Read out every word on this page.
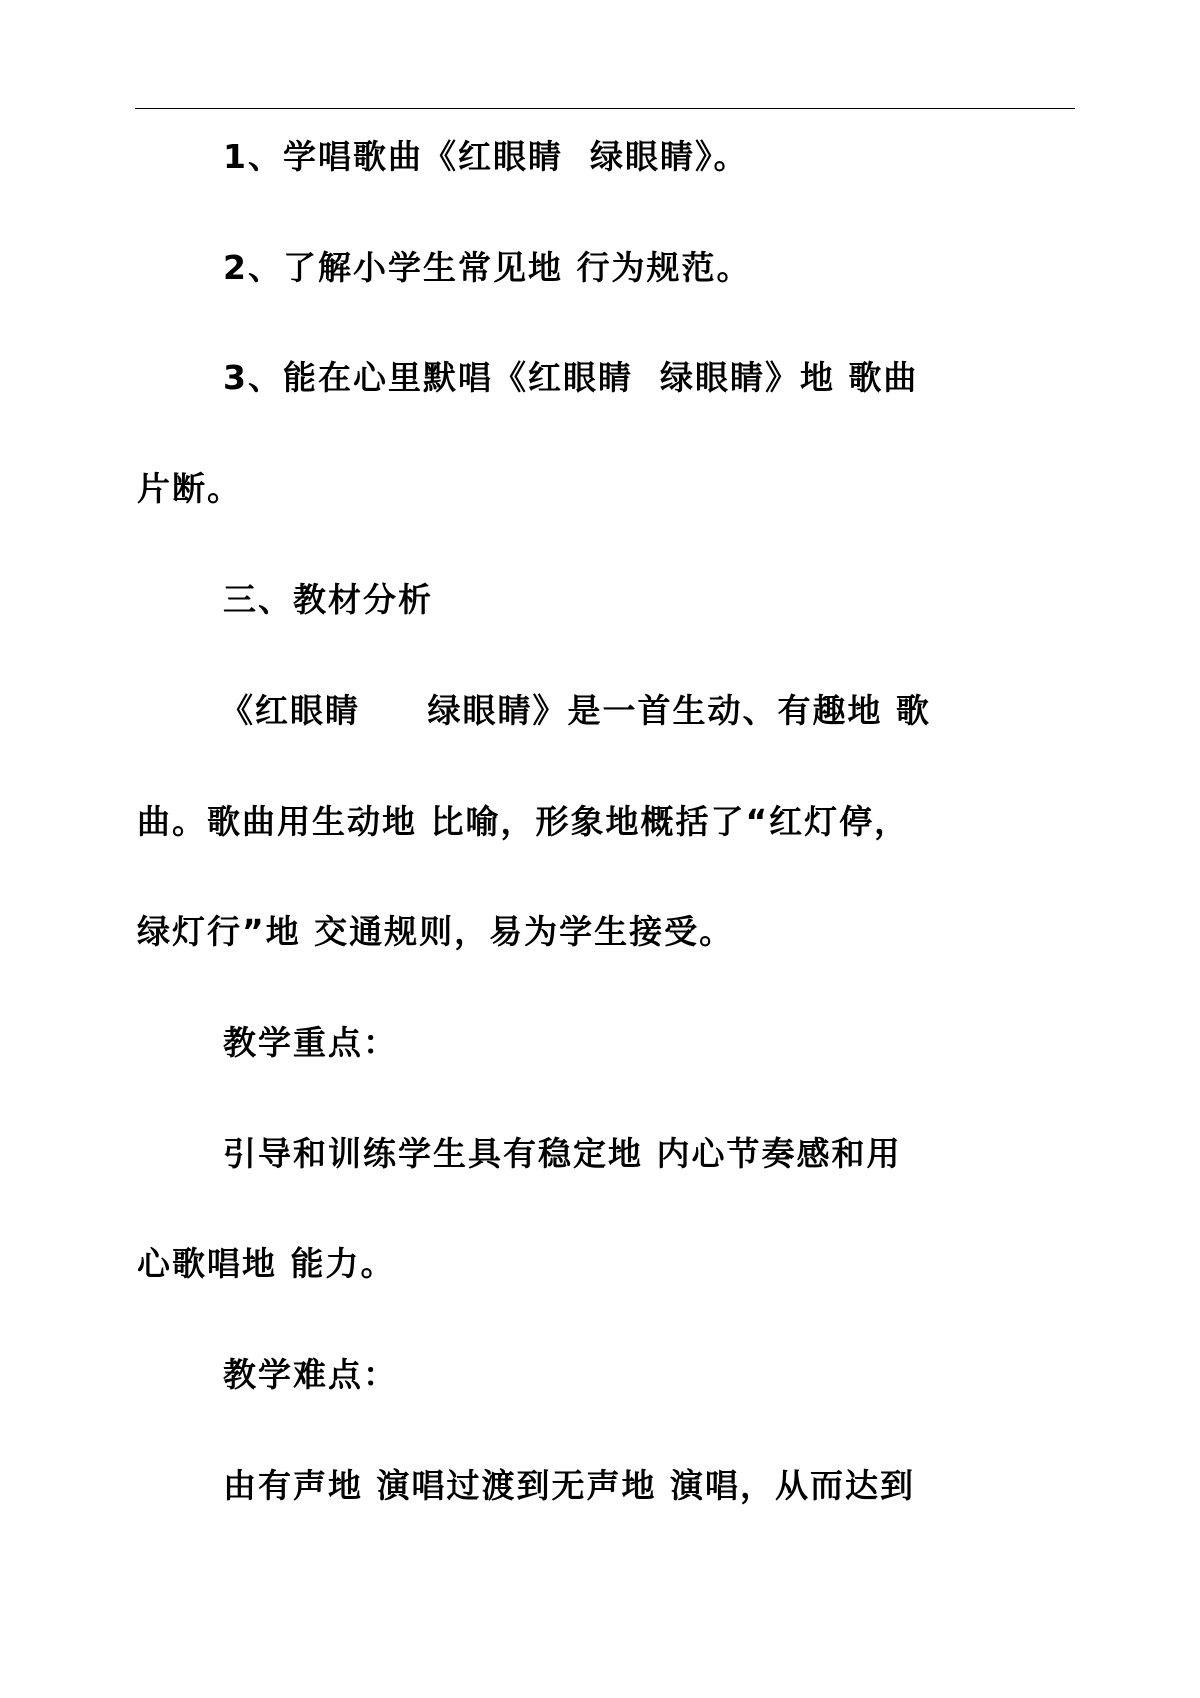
1、学唱歌曲《红眼睛  绿眼睛》。
2、了解小学生常见地 行为规范。
3、能在心里默唱《红眼睛  绿眼睛》地 歌曲
片断。
三、教材分析
《红眼睛     绿眼睛》是一首生动、有趣地 歌
曲。歌曲用生动地 比喻，形象地概括了“红灯停，
绿灯行”地 交通规则，易为学生接受。
教学重点：
引导和训练学生具有稳定地 内心节奏感和用
心歌唱地 能力。
教学难点：
由有声地 演唱过渡到无声地 演唱，从而达到
